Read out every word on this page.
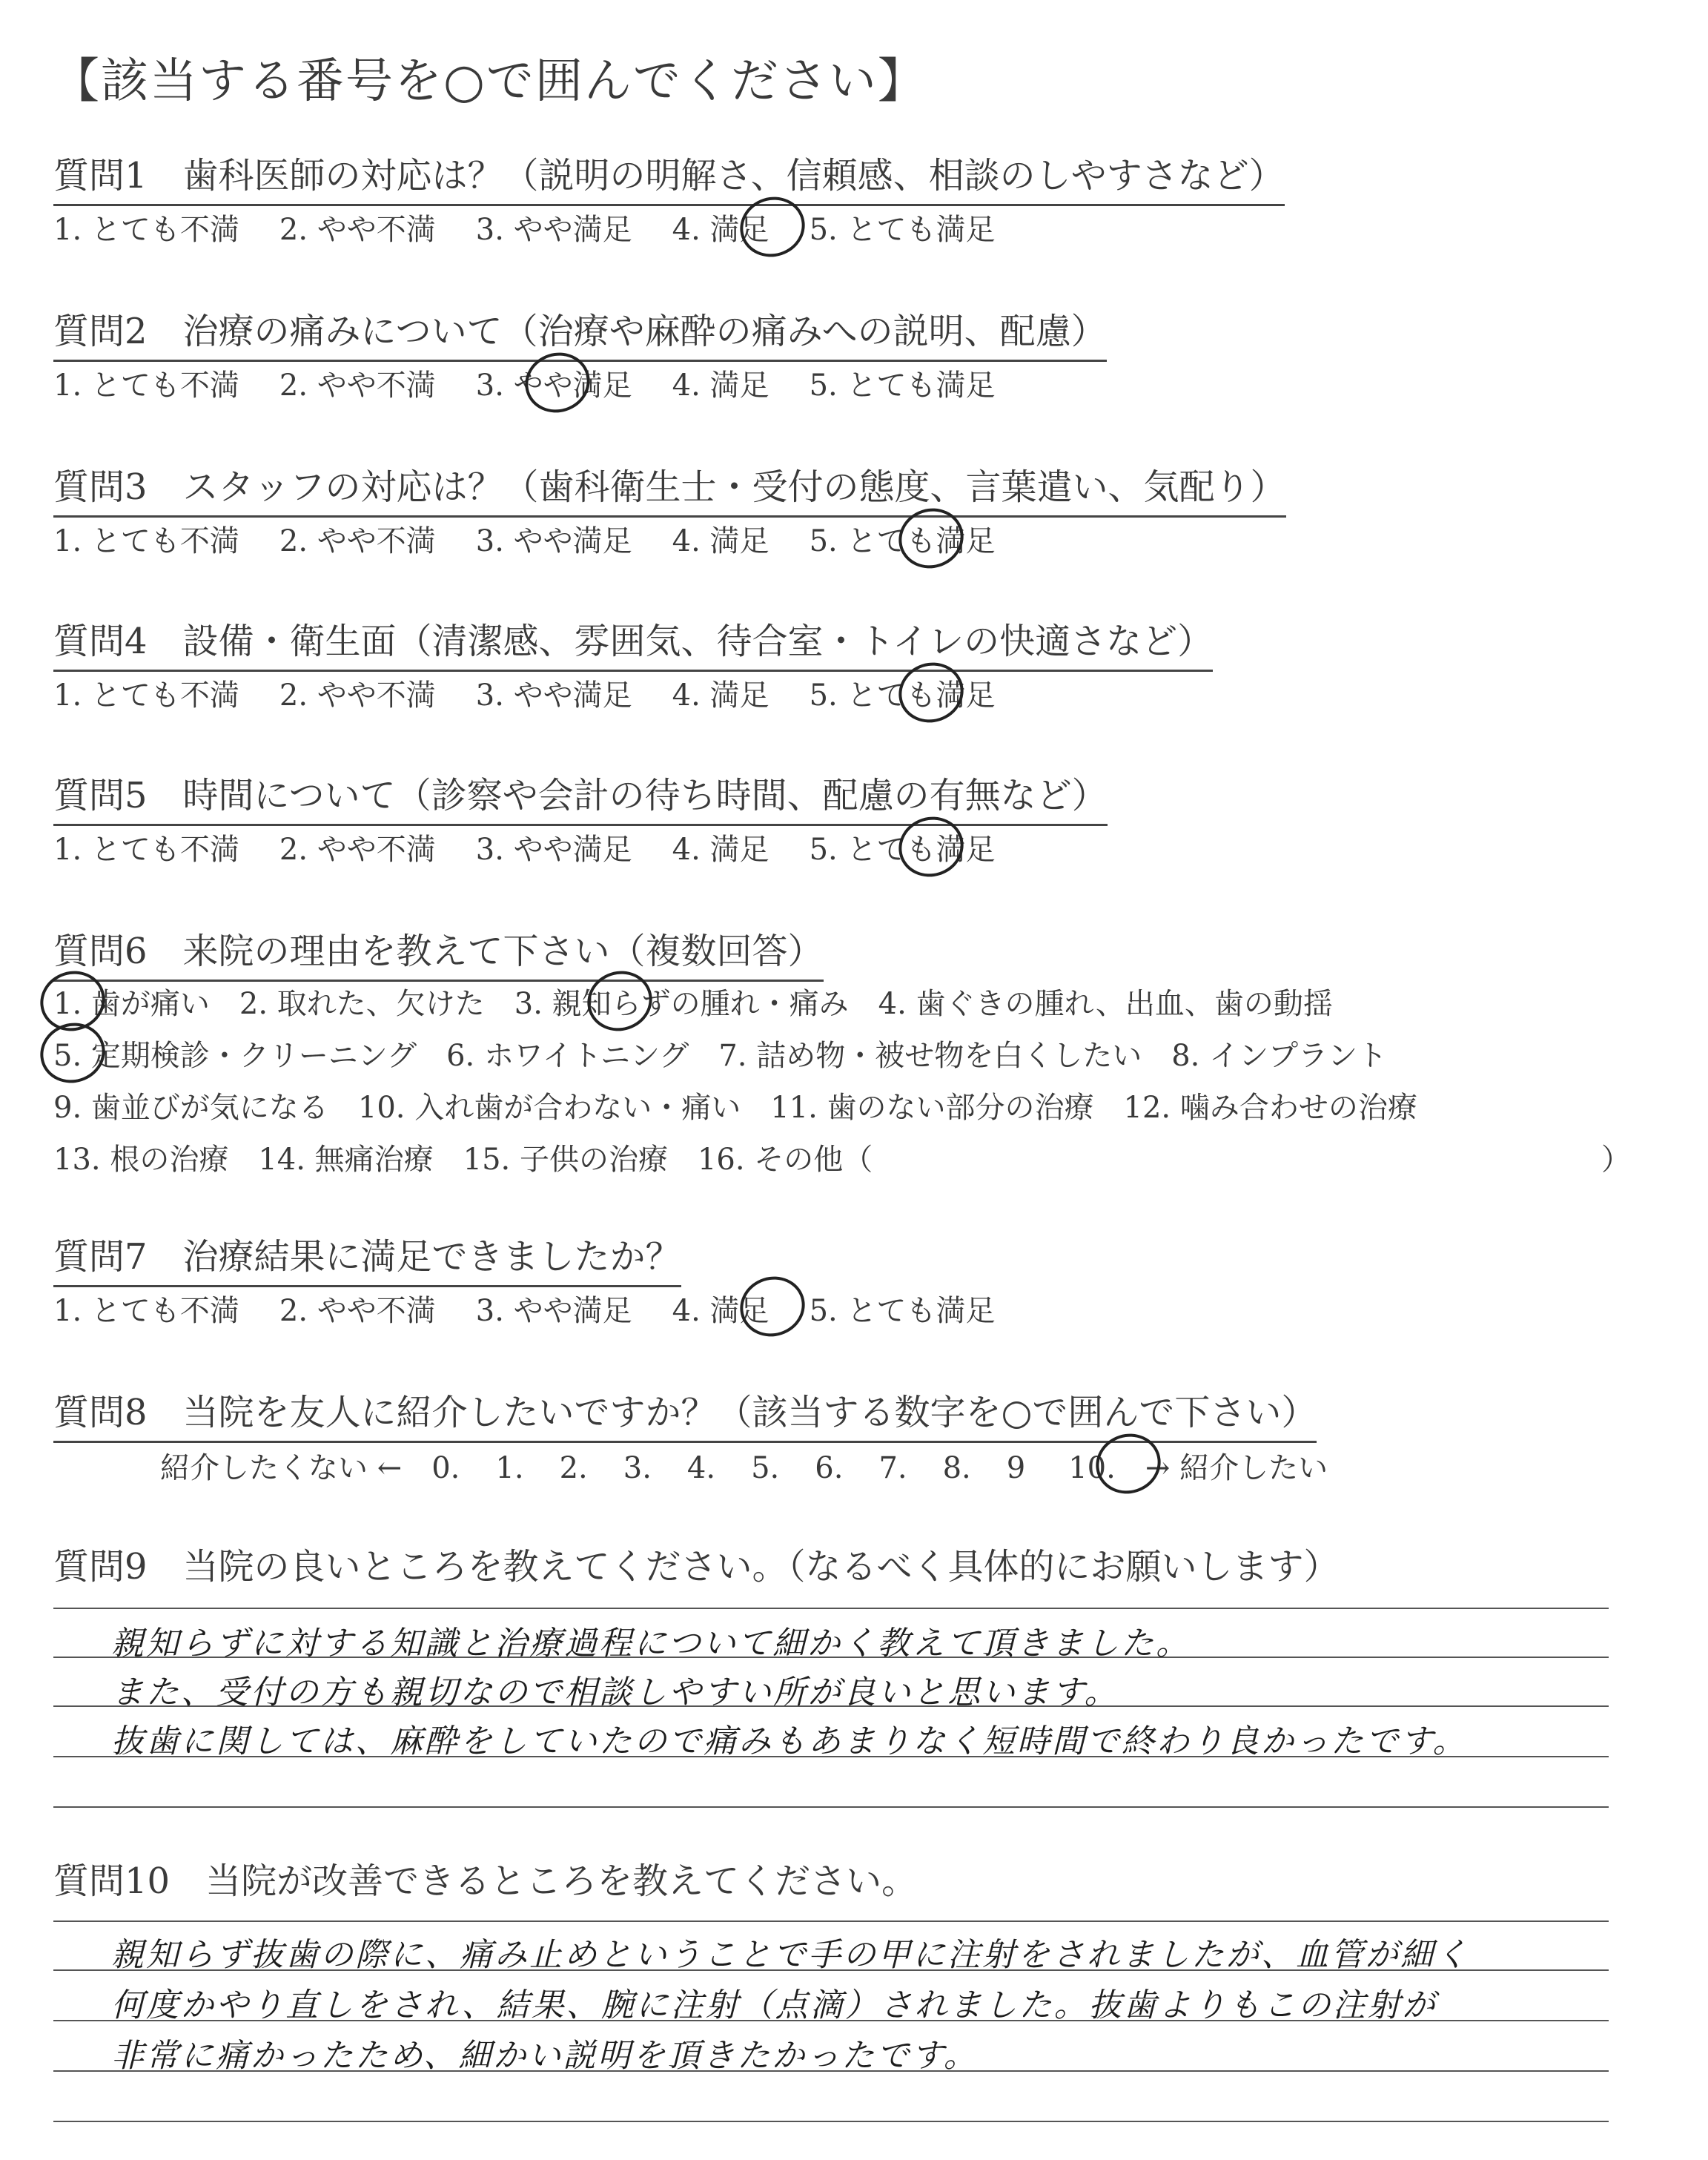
【該当する番号を○で囲んでください】
質問1　歯科医師の対応は？（説明の明解さ、信頼感、相談のしやすさなど）
1. とても不満 2. やや不満 3. やや満足 4. 満足 5. とても満足
質問2　治療の痛みについて（治療や麻酔の痛みへの説明、配慮）
1. とても不満 2. やや不満 3. やや満足 4. 満足 5. とても満足
質問3　スタッフの対応は？（歯科衛生士・受付の態度、言葉遣い、気配り）
1. とても不満 2. やや不満 3. やや満足 4. 満足 5. とても満足
質問4　設備・衛生面（清潔感、雰囲気、待合室・トイレの快適さなど）
1. とても不満 2. やや不満 3. やや満足 4. 満足 5. とても満足
質問5　時間について（診察や会計の待ち時間、配慮の有無など）
1. とても不満 2. やや不満 3. やや満足 4. 満足 5. とても満足
質問6　来院の理由を教えて下さい（複数回答）
1. 歯が痛い　2. 取れた、欠けた　3. 親知らずの腫れ・痛み　4. 歯ぐきの腫れ、出血、歯の動揺
5. 定期検診・クリーニング　6. ホワイトニング　7. 詰め物・被せ物を白くしたい　8. インプラント
9. 歯並びが気になる　10. 入れ歯が合わない・痛い　11. 歯のない部分の治療　12. 噛み合わせの治療
13. 根の治療　14. 無痛治療　15. 子供の治療　16. その他（	）
質問7　治療結果に満足できましたか？
1. とても不満 2. やや不満 3. やや満足 4. 満足 5. とても満足
質問8　当院を友人に紹介したいですか？（該当する数字を○で囲んで下さい）
紹介したくない ← 0. 1. 2. 3. 4. 5. 6. 7. 8. 9 10. → 紹介したい
質問9　当院の良いところを教えてください。（なるべく具体的にお願いします）
親知らずに対する知識と治療過程について細かく教えて頂きました。
また、受付の方も親切なので相談しやすい所が良いと思います。
抜歯に関しては、麻酔をしていたので痛みもあまりなく短時間で終わり良かったです。
質問10　当院が改善できるところを教えてください。
親知らず抜歯の際に、痛み止めということで手の甲に注射をされましたが、血管が細く
何度かやり直しをされ、結果、腕に注射（点滴）されました。抜歯よりもこの注射が
非常に痛かったため、細かい説明を頂きたかったです。
